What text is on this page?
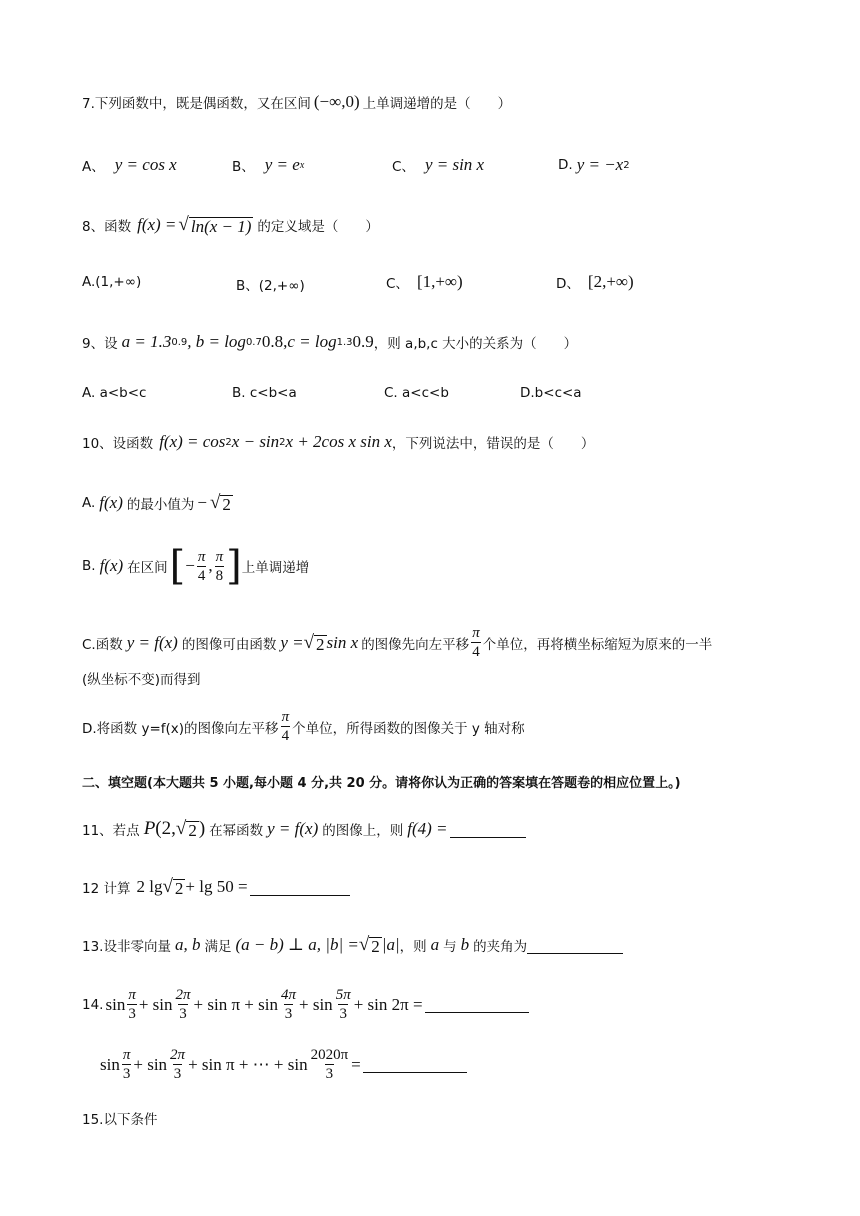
7.下列函数中，既是偶函数，又在区间 (−∞,0) 上单调递增的是（　　）
A、 y = cos x	B、 y = e x	C、 y = sin x	D. y = −x 2
8、函数 f(x) = √ ln(x − 1) 的定义域是（　　）
A.(1,+∞)	B、(2,+∞)	C、 [1,+∞)	D、 [2,+∞)
9、设 a = 1.3 0.9 , b = log 0.7 0.8, c = log 1.3 0.9 ，则 a,b,c 大小的关系为（　　）
A. a<b<c	B. c<b<a	C. a<c<b	D.b<c<a
10、设函数 f(x) = cos 2 x − sin 2 x + 2cos x sin x ，下列说法中，错误的是（　　）
A. f(x) 的最小值为 − √ 2
B. f(x) 在区间 [ − $\frac{\pi}{4}$ , $\frac{\pi}{8}$ ] 上单调递增
C.函数 y = f(x) 的图像可由函数 y = √ 2 sin x 的图像先向左平移 $\frac{\pi}{4}$ 个单位，再将横坐标缩短为原来的一半
(纵坐标不变)而得到
D.将函数 y=f(x)的图像向左平移 $\frac{\pi}{4}$ 个单位，所得函数的图像关于 y 轴对称
二、填空题(本大题共 5 小题,每小题 4 分,共 20 分。请将你认为正确的答案填在答题卷的相应位置上。)
11、若点 P (2, √ 2 ) 在幂函数 y = f(x) 的图像上，则 f(4) =
12 计算 2 lg √ 2 + lg 50 =
13.设非零向量 a, b 满足 (a − b) ⊥ a, |b| = √ 2 |a| ，则 a 与 b 的夹角为
14. $\sin \frac{\pi}{3} + \sin \frac{2\pi}{3} + \sin \pi + \sin \frac{4\pi}{3} + \sin \frac{5\pi}{3} + \sin 2\pi$ =
$\sin \frac{\pi}{3} + \sin \frac{2\pi}{3} + \sin \pi$ + ⋯ + $\sin \frac{2020\pi}{3}$ =
15.以下条件
